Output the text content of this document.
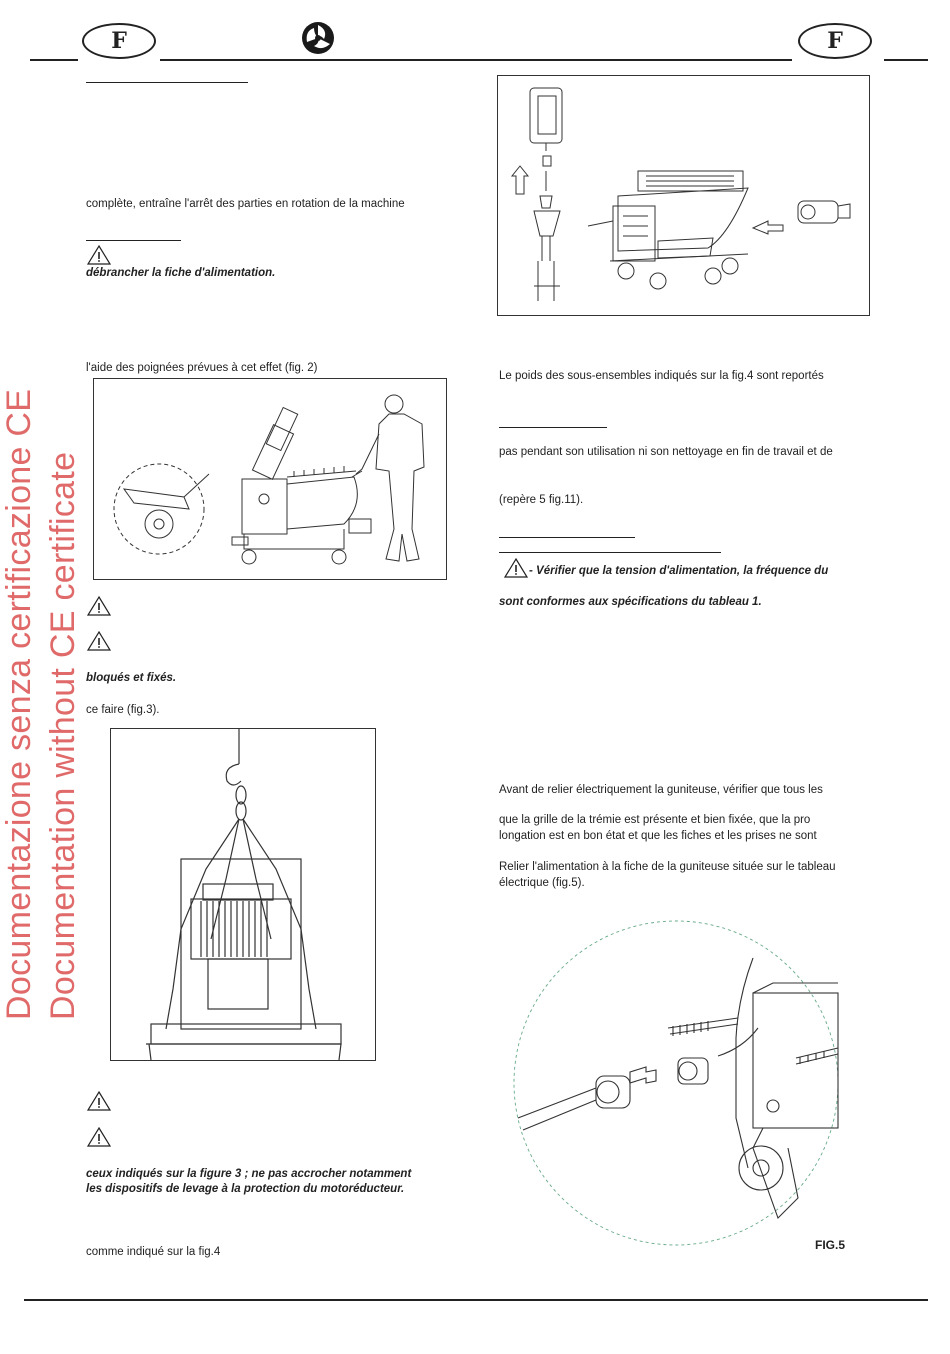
F	F
Documentazione senza certificazione CE Documentation without CE certificate
complète, entraîne l'arrêt des parties en rotation de la machine
débrancher la fiche d'alimentation.
l'aide des poignées prévues à cet effet (fig. 2)
bloqués et fixés.
ce faire (fig.3).
ceux indiqués sur la figure 3 ; ne pas accrocher notamment
les dispositifs de levage à la protection du motoréducteur.
comme indiqué sur la fig.4
Le poids des sous-ensembles indiqués sur la fig.4 sont reportés
pas pendant son utilisation ni son nettoyage en fin de travail et de
(repère 5 fig.11).
- Vérifier que la tension d'alimentation, la fréquence du
sont conformes aux spécifications du tableau 1.
Avant de relier électriquement la guniteuse, vérifier que tous les
que la grille de la trémie est présente et bien fixée, que la pro
longation est en bon état et que les fiches et les prises ne sont
Relier l'alimentation à la fiche de la guniteuse située sur le tableau
électrique (fig.5).
FIG.5
